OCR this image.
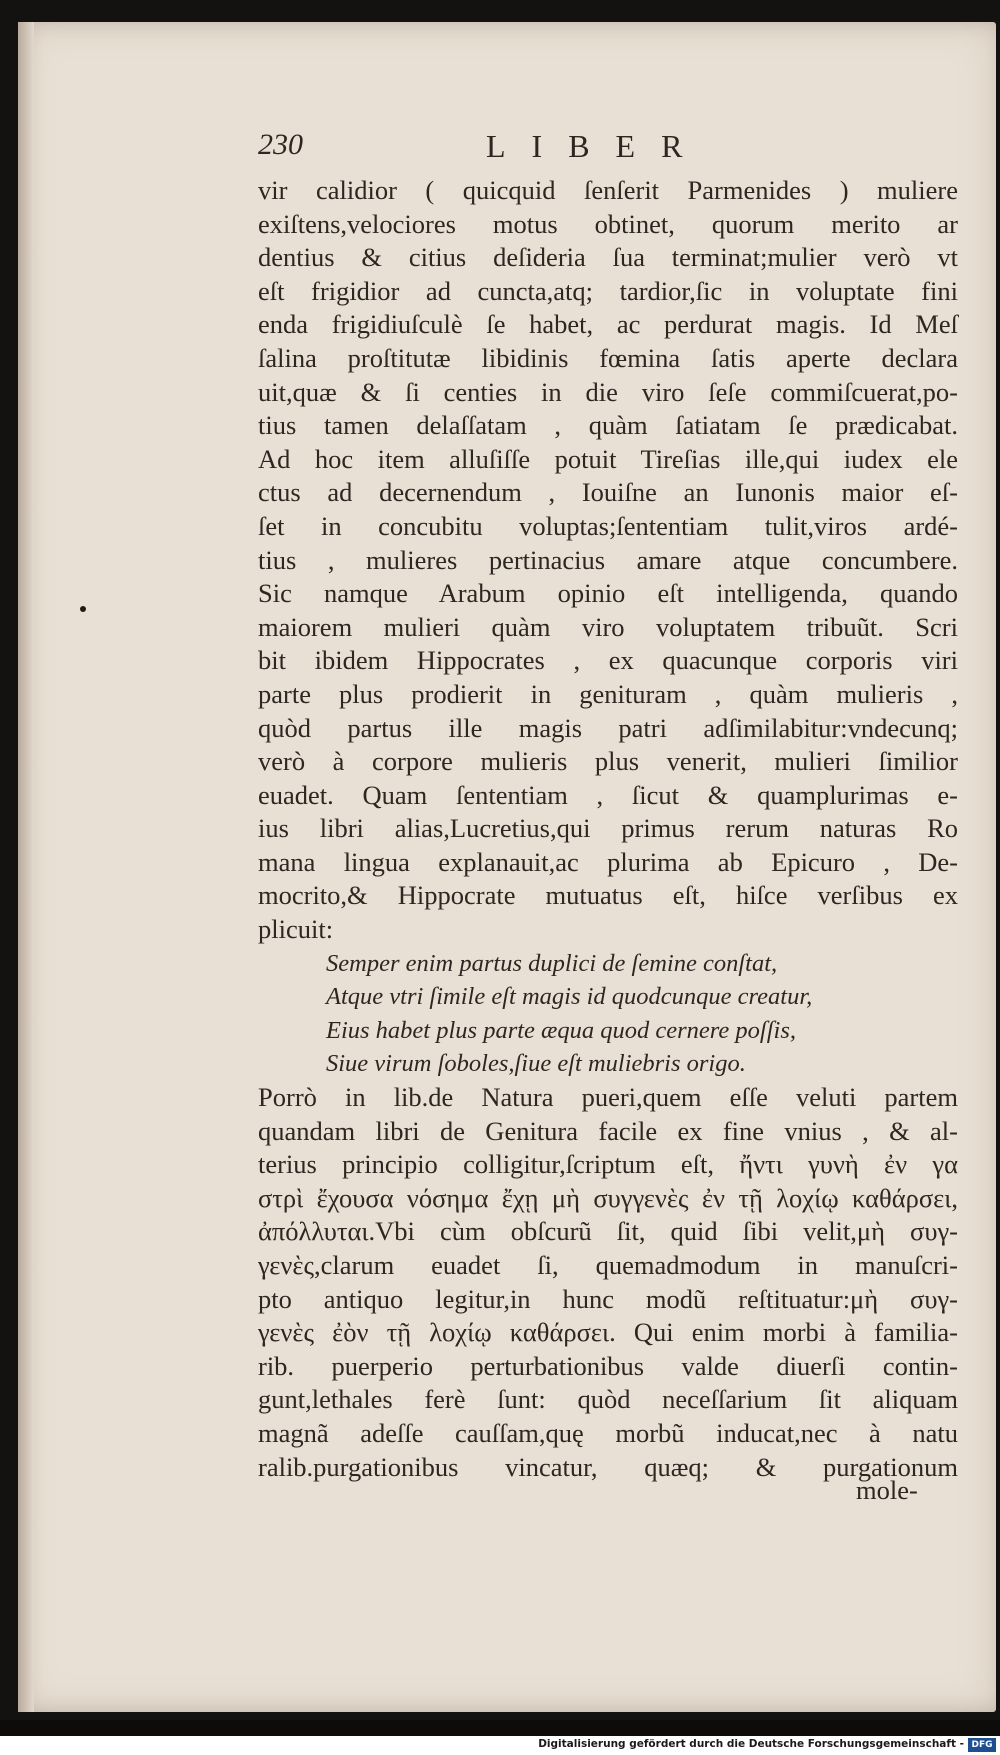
230	LIBER
vir calidior ( quicquid ſenſerit Parmenides ) muliere
exiſtens,velociores motus obtinet, quorum merito ar
dentius & citius deſideria ſua terminat;mulier verò vt
eſt frigidior ad cuncta,atq; tardior,ſic in voluptate fini
enda frigidiuſculè ſe habet, ac perdurat magis. Id Meſ
ſalina proſtitutæ libidinis fœmina ſatis aperte declara
uit,quæ & ſi centies in die viro ſeſe commiſcuerat,po-
tius tamen delaſſatam , quàm ſatiatam ſe prædicabat.
Ad hoc item alluſiſſe potuit Tireſias ille,qui iudex ele
ctus ad decernendum , Iouiſne an Iunonis maior eſ-
ſet in concubitu voluptas;ſententiam tulit,viros ardé-
tius , mulieres pertinacius amare atque concumbere.
Sic namque Arabum opinio eſt intelligenda, quando
maiorem mulieri quàm viro voluptatem tribuũt. Scri
bit ibidem Hippocrates , ex quacunque corporis viri
parte plus prodierit in genituram , quàm mulieris ,
quòd partus ille magis patri adſimilabitur:vndecunq;
verò à corpore mulieris plus venerit, mulieri ſimilior
euadet. Quam ſententiam , ſicut & quamplurimas e-
ius libri alias,Lucretius,qui primus rerum naturas Ro
mana lingua explanauit,ac plurima ab Epicuro , De-
mocrito,& Hippocrate mutuatus eſt, hiſce verſibus ex
plicuit:
Semper enim partus duplici de ſemine conſtat,
Atque vtri ſimile eſt magis id quodcunque creatur,
Eius habet plus parte æqua quod cernere poſſis,
Siue virum ſoboles,ſiue eſt muliebris origo.
Porrò in lib.de Natura pueri,quem eſſe veluti partem
quandam libri de Genitura facile ex fine vnius , & al-
terius principio colligitur,ſcriptum eſt, ἤντι γυνὴ ἐν γα
στρὶ ἔχουσα νόσημα ἔχῃ μὴ συγγενὲς ἐν τῇ λοχίῳ καθάρσει,
ἀπόλλυται.Vbi cùm obſcurũ ſit, quid ſibi velit,μὴ συγ-
γενὲς,clarum euadet ſi, quemadmodum in manuſcri-
pto antiquo legitur,in hunc modũ reſtituatur:μὴ συγ-
γενὲς ἐὸν τῇ λοχίῳ καθάρσει. Qui enim morbi à familia-
rib. puerperio perturbationibus valde diuerſi contin-
gunt,lethales ferè ſunt: quòd neceſſarium ſit aliquam
magnã adeſſe cauſſam,quę morbũ inducat,nec à natu
ralib.purgationibus vincatur, quæq; & purgationum
mole-
Digitalisierung gefördert durch die Deutsche Forschungsgemeinschaft - DFG
